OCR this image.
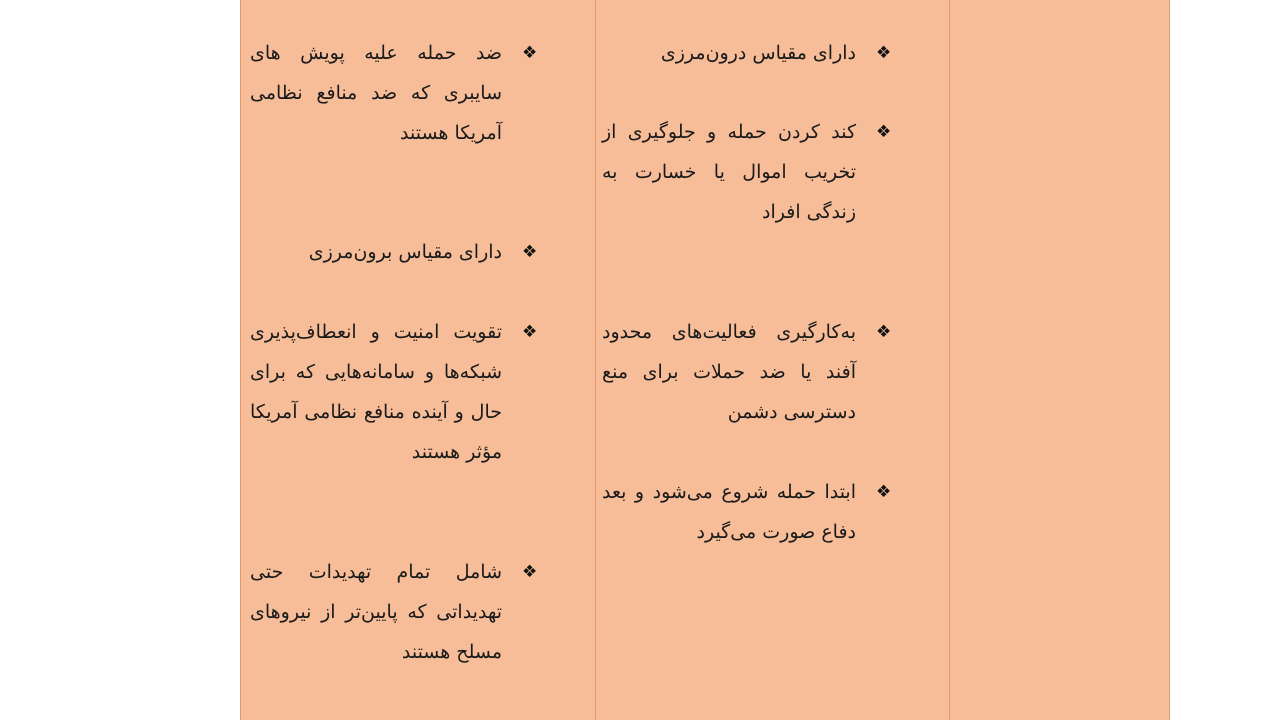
❖
دارای مقیاس درون‌مرزی
❖
کند کردن حمله و جلوگیری از تخریب اموال یا خسارت به زندگی افراد
❖
به‌کارگیری فعالیت‌های محدود آفند یا ضد حملات برای منع دسترسی دشمن
❖
ابتدا حمله شروع می‌شود و بعد دفاع صورت می‌گیرد
❖
ضد حمله علیه پویش های سایبری که ضد منافع نظامی آمریکا هستند
❖
دارای مقیاس برون‌مرزی
❖
تقویت امنیت و انعطاف‌پذیری شبکه‌ها و سامانه‌هایی که برای حال و آینده منافع نظامی آمریکا مؤثر هستند
❖
شامل تمام تهدیدات حتی تهدیداتی که پایین‌تر از نیروهای مسلح هستند
